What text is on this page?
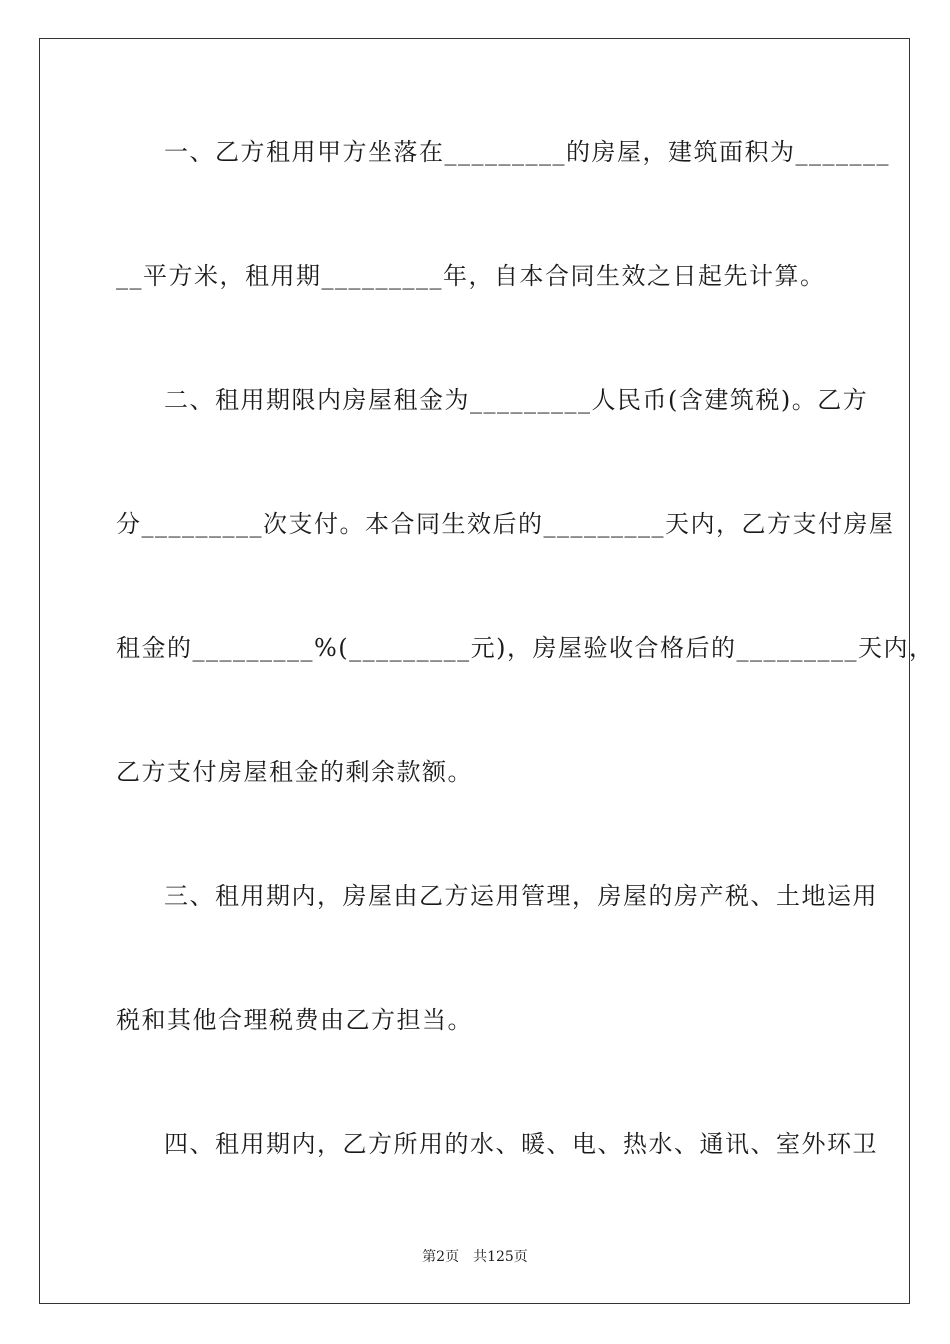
一、乙方租用甲方坐落在_________的房屋，建筑面积为_______
__平方米，租用期_________年，自本合同生效之日起先计算。
二、租用期限内房屋租金为_________人民币(含建筑税)。乙方
分_________次支付。本合同生效后的_________天内，乙方支付房屋
租金的_________%(_________元)，房屋验收合格后的_________天内，
乙方支付房屋租金的剩余款额。
三、租用期内，房屋由乙方运用管理，房屋的房产税、土地运用
税和其他合理税费由乙方担当。
四、租用期内，乙方所用的水、暖、电、热水、通讯、室外环卫
第2页　共125页
